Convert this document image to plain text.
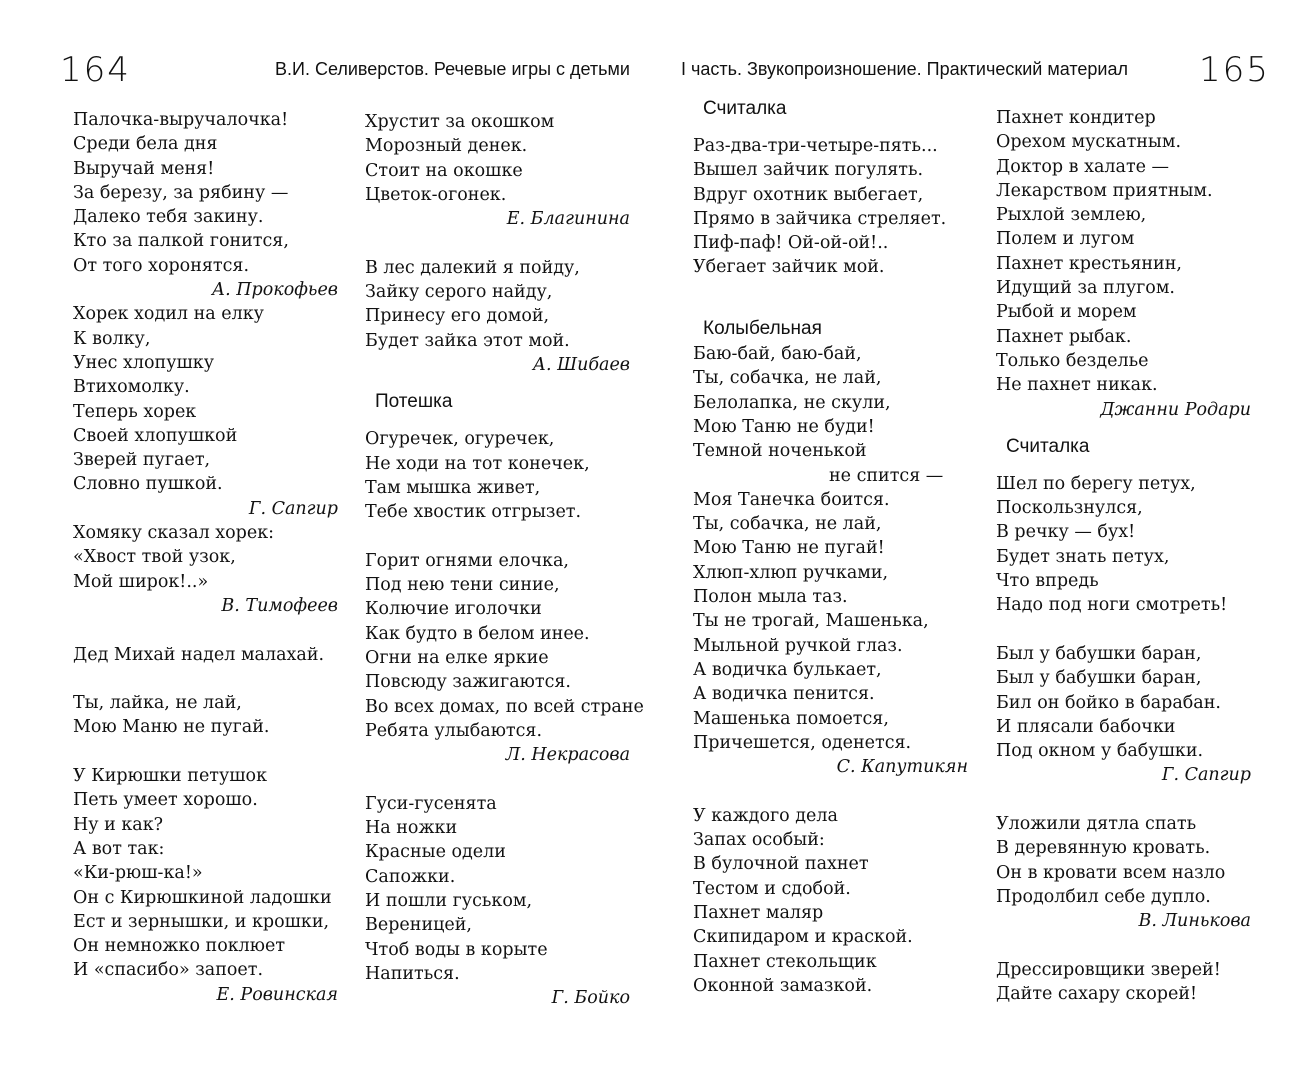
164	В.И. Селиверстов. Речевые игры с детьми
Палочка-выручалочка!
Среди бела дня
Выручай меня!
За березу, за рябину —
Далеко тебя закину.
Кто за палкой гонится,
От того хоронятся.
А. Прокофьев
Хорек ходил на елку
К волку,
Унес хлопушку
Втихомолку.
Теперь хорек
Своей хлопушкой
Зверей пугает,
Словно пушкой.
Г. Сапгир
Хомяку сказал хорек:
«Хвост твой узок,
Мой широк!..»
В. Тимофеев
Дед Михай надел малахай.
Ты, лайка, не лай,
Мою Маню не пугай.
У Кирюшки петушок
Петь умеет хорошо.
Ну и как?
А вот так:
«Ки-рюш-ка!»
Он с Кирюшкиной ладошки
Ест и зернышки, и крошки,
Он немножко поклюет
И «спасибо» запоет.
Е. Ровинская
Хрустит за окошком
Морозный денек.
Стоит на окошке
Цветок-огонек.
Е. Благинина
В лес далекий я пойду,
Зайку серого найду,
Принесу его домой,
Будет зайка этот мой.
А. Шибаев
Потешка
Огуречек, огуречек,
Не ходи на тот конечек,
Там мышка живет,
Тебе хвостик отгрызет.
Горит огнями елочка,
Под нею тени синие,
Колючие иголочки
Как будто в белом инее.
Огни на елке яркие
Повсюду зажигаются.
Во всех домах, по всей стране
Ребята улыбаются.
Л. Некрасова
Гуси-гусенята
На ножки
Красные одели
Сапожки.
И пошли гуськом,
Вереницей,
Чтоб воды в корыте
Напиться.
Г. Бойко
I часть. Звукопроизношение. Практический материал 165
Считалка
Раз-два-три-четыре-пять...
Вышел зайчик погулять.
Вдруг охотник выбегает,
Прямо в зайчика стреляет.
Пиф-паф! Ой-ой-ой!..
Убегает зайчик мой.
Колыбельная
Баю-бай, баю-бай,
Ты, собачка, не лай,
Белолапка, не скули,
Мою Таню не буди!
Темной ноченькой
не спится —
Моя Танечка боится.
Ты, собачка, не лай,
Мою Таню не пугай!
Хлюп-хлюп ручками,
Полон мыла таз.
Ты не трогай, Машенька,
Мыльной ручкой глаз.
А водичка булькает,
А водичка пенится.
Машенька помоется,
Причешется, оденется.
С. Капутикян
У каждого дела
Запах особый:
В булочной пахнет
Тестом и сдобой.
Пахнет маляр
Скипидаром и краской.
Пахнет стекольщик
Оконной замазкой.
Пахнет кондитер
Орехом мускатным.
Доктор в халате —
Лекарством приятным.
Рыхлой землею,
Полем и лугом
Пахнет крестьянин,
Идущий за плугом.
Рыбой и морем
Пахнет рыбак.
Только безделье
Не пахнет никак.
Джанни Родари
Считалка
Шел по берегу петух,
Поскользнулся,
В речку — бух!
Будет знать петух,
Что впредь
Надо под ноги смотреть!
Был у бабушки баран,
Был у бабушки баран,
Бил он бойко в барабан.
И плясали бабочки
Под окном у бабушки.
Г. Сапгир
Уложили дятла спать
В деревянную кровать.
Он в кровати всем назло
Продолбил себе дупло.
В. Линькова
Дрессировщики зверей!
Дайте сахару скорей!
